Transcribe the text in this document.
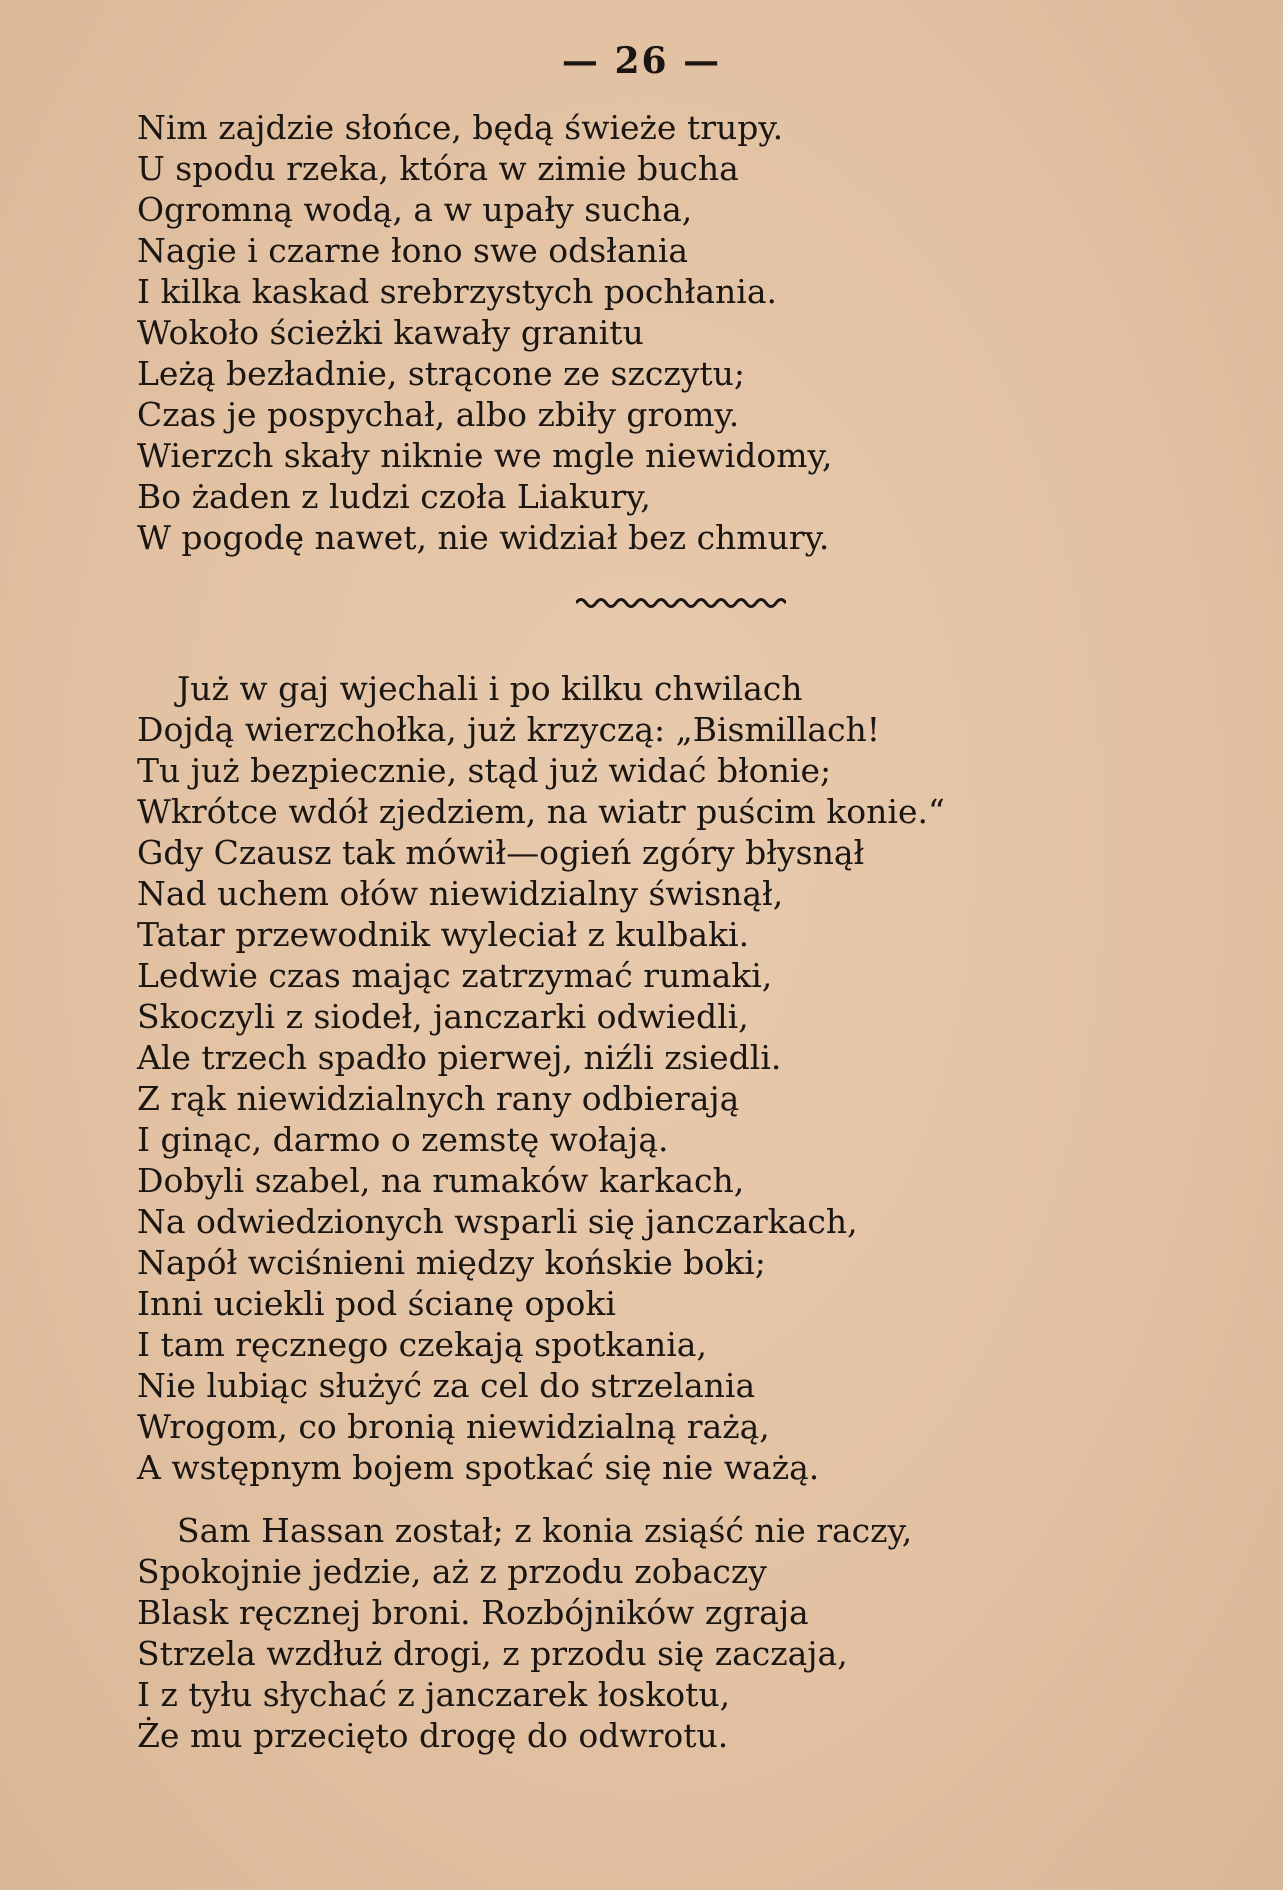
— 26 —
Nim zajdzie słońce, będą świeże trupy.
U spodu rzeka, która w zimie bucha
Ogromną wodą, a w upały sucha,
Nagie i czarne łono swe odsłania
I kilka kaskad srebrzystych pochłania.
Wokoło ścieżki kawały granitu
Leżą bezładnie, strącone ze szczytu;
Czas je pospychał, albo zbiły gromy.
Wierzch skały niknie we mgle niewidomy,
Bo żaden z ludzi czoła Liakury,
W pogodę nawet, nie widział bez chmury.
Już w gaj wjechali i po kilku chwilach
Dojdą wierzchołka, już krzyczą: „Bismillach!
Tu już bezpiecznie, stąd już widać błonie;
Wkrótce wdół zjedziem, na wiatr puścim konie.“
Gdy Czausz tak mówił—ogień zgóry błysnął
Nad uchem ołów niewidzialny świsnął,
Tatar przewodnik wyleciał z kulbaki.
Ledwie czas mając zatrzymać rumaki,
Skoczyli z siodeł, janczarki odwiedli,
Ale trzech spadło pierwej, niźli zsiedli.
Z rąk niewidzialnych rany odbierają
I ginąc, darmo o zemstę wołają.
Dobyli szabel, na rumaków karkach,
Na odwiedzionych wsparli się janczarkach,
Napół wciśnieni między końskie boki;
Inni uciekli pod ścianę opoki
I tam ręcznego czekają spotkania,
Nie lubiąc służyć za cel do strzelania
Wrogom, co bronią niewidzialną rażą,
A wstępnym bojem spotkać się nie ważą.
Sam Hassan został; z konia zsiąść nie raczy,
Spokojnie jedzie, aż z przodu zobaczy
Blask ręcznej broni. Rozbójników zgraja
Strzela wzdłuż drogi, z przodu się zaczaja,
I z tyłu słychać z janczarek łoskotu,
Że mu przecięto drogę do odwrotu.
